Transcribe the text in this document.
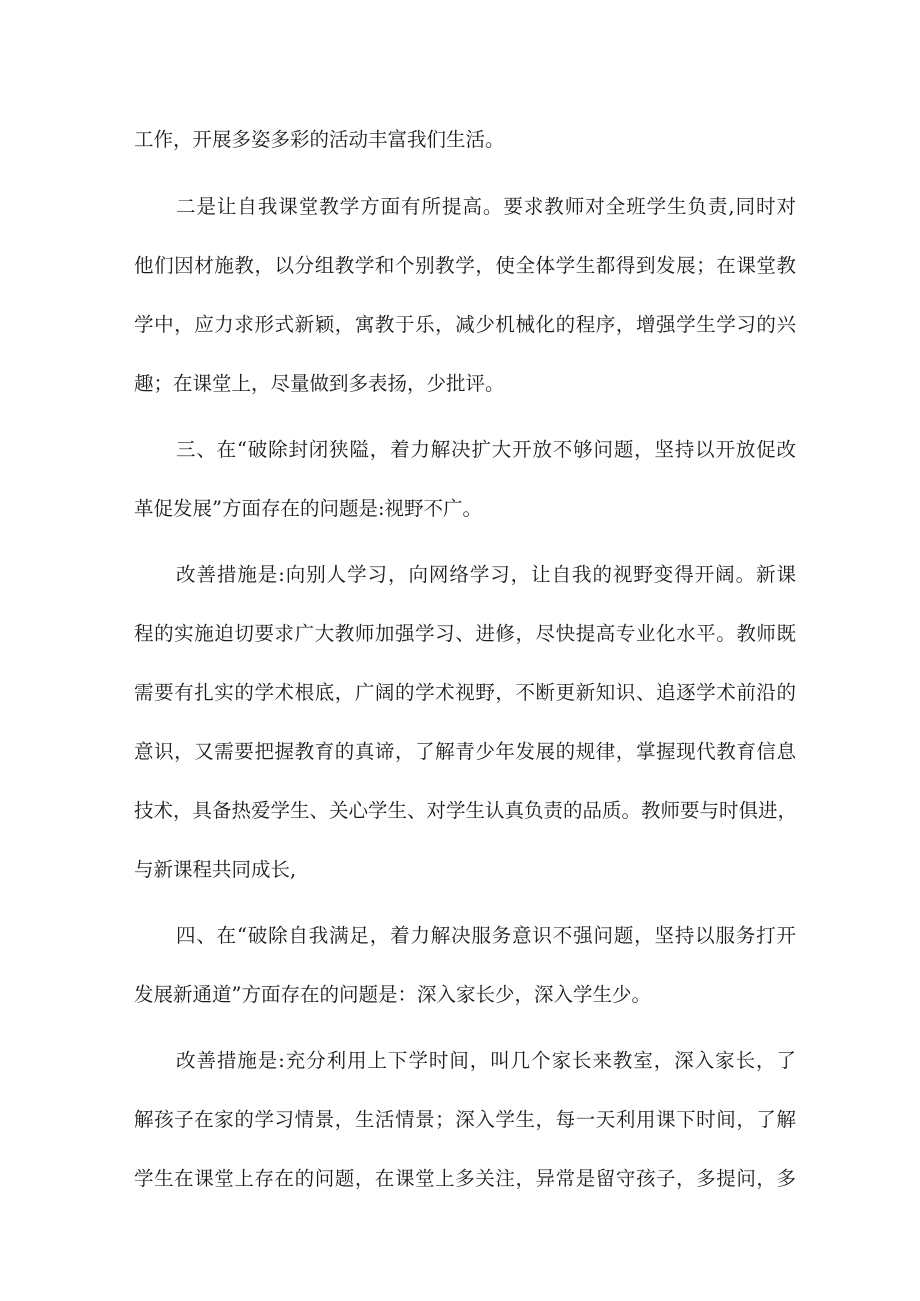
工作，开展多姿多彩的活动丰富我们生活。
二是让自我课堂教学方面有所提高。要求教师对全班学生负责,同时对
他们因材施教，以分组教学和个别教学，使全体学生都得到发展；在课堂教
学中，应力求形式新颖，寓教于乐，减少机械化的程序，增强学生学习的兴
趣；在课堂上，尽量做到多表扬，少批评。
三、在“破除封闭狭隘，着力解决扩大开放不够问题，坚持以开放促改
革促发展”方面存在的问题是:视野不广。
改善措施是:向别人学习，向网络学习，让自我的视野变得开阔。新课
程的实施迫切要求广大教师加强学习、进修，尽快提高专业化水平。教师既
需要有扎实的学术根底，广阔的学术视野，不断更新知识、追逐学术前沿的
意识，又需要把握教育的真谛，了解青少年发展的规律，掌握现代教育信息
技术，具备热爱学生、关心学生、对学生认真负责的品质。教师要与时俱进，
与新课程共同成长,
四、在“破除自我满足，着力解决服务意识不强问题，坚持以服务打开
发展新通道”方面存在的问题是：深入家长少，深入学生少。
改善措施是:充分利用上下学时间，叫几个家长来教室，深入家长，了
解孩子在家的学习情景，生活情景；深入学生，每一天利用课下时间，了解
学生在课堂上存在的问题，在课堂上多关注，异常是留守孩子，多提问，多
